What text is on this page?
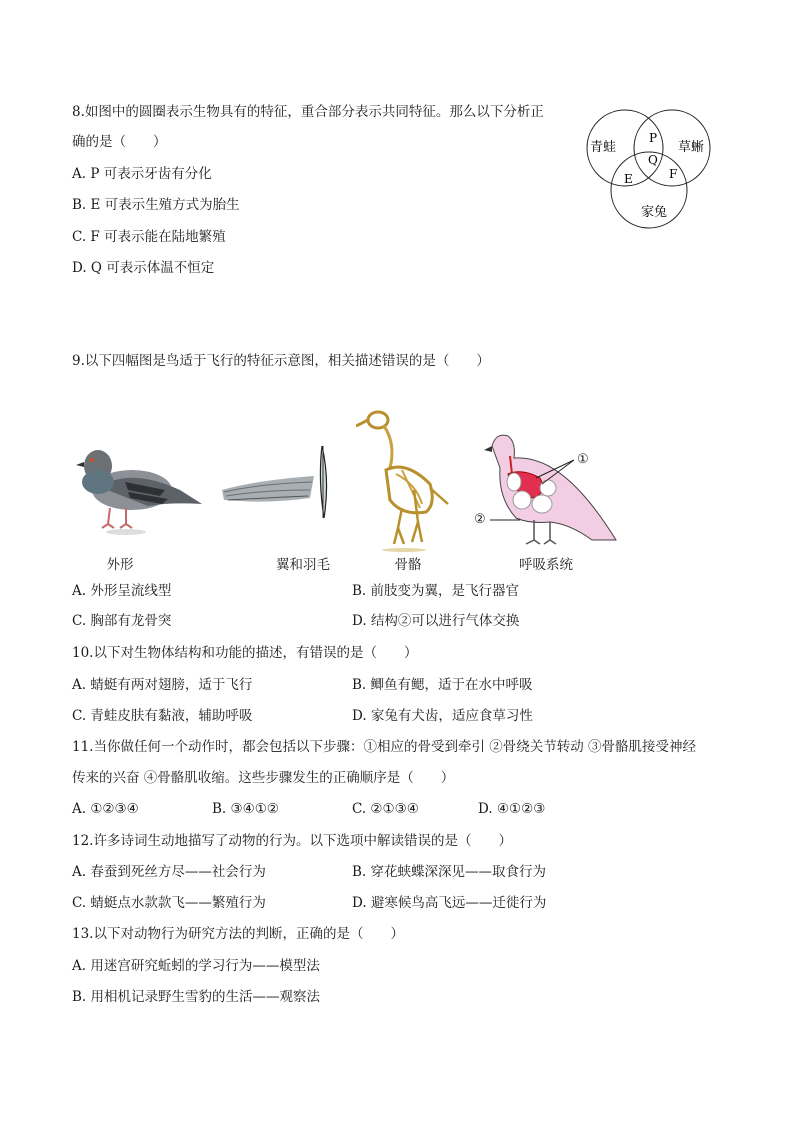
8.如图中的圆圈表示生物具有的特征，重合部分表示共同特征。那么以下分析正
确的是（　　）
A. P 可表示牙齿有分化
B. E 可表示生殖方式为胎生
C. F 可表示能在陆地繁殖
D. Q 可表示体温不恒定
青蛙	草蜥
家兔
P
Q
E	F
9.以下四幅图是鸟适于飞行的特征示意图，相关描述错误的是（　　）
①
②
外形	翼和羽毛	骨骼	呼吸系统
A. 外形呈流线型	B. 前肢变为翼，是飞行器官
C. 胸部有龙骨突	D. 结构②可以进行气体交换
10.以下对生物体结构和功能的描述，有错误的是（　　）
A. 蜻蜓有两对翅膀，适于飞行	B. 鲫鱼有鳃，适于在水中呼吸
C. 青蛙皮肤有黏液，辅助呼吸	D. 家兔有犬齿，适应食草习性
11.当你做任何一个动作时，都会包括以下步骤：①相应的骨受到牵引 ②骨绕关节转动 ③骨骼肌接受神经
传来的兴奋 ④骨骼肌收缩。这些步骤发生的正确顺序是（　　）
A. ①②③④	B. ③④①②	C. ②①③④	D. ④①②③
12.许多诗词生动地描写了动物的行为。以下选项中解读错误的是（　　）
A. 春蚕到死丝方尽——社会行为	B. 穿花蛱蝶深深见——取食行为
C. 蜻蜓点水款款飞——繁殖行为	D. 避寒候鸟高飞远——迁徙行为
13.以下对动物行为研究方法的判断，正确的是（　　）
A. 用迷宫研究蚯蚓的学习行为——模型法
B. 用相机记录野生雪豹的生活——观察法
